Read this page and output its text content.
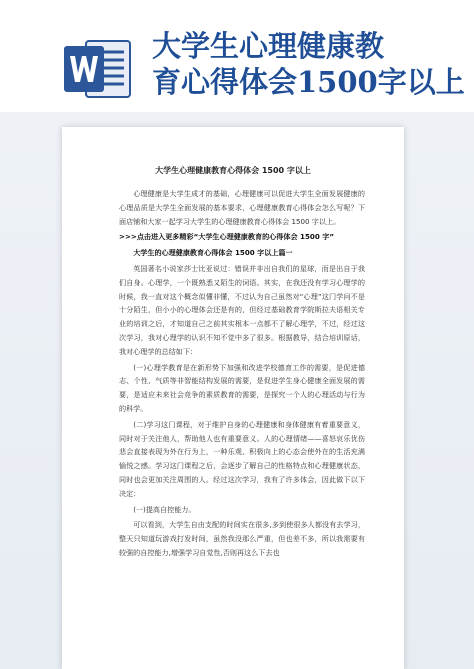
大学生心理健康教
育心得体会1500字以上
大学生心理健康教育心得体会 1500 字以上

心理健康是大学生成才的基础，心理健康可以促进大学生全面发展健康的心理品质是大学生全面发展的基本要求，心理健康教育心得体会怎么写呢？下面店铺和大家一起学习大学生的心理健康教育心得体会 1500 字以上。

>>>点击进入更多精彩“大学生心理健康教育的心得体会 1500 字”

大学生的心理健康教育心得体会 1500 字以上篇一

英国著名小说家莎士比亚说过：错误并非出自我们的星球，而是出自于我们自身。心理学，一个既熟悉又陌生的词语。其实，在我还没有学习心理学的时候，我一直对这个概念似懂非懂，不过认为自己虽然对“心理”这门学问不是十分陌生，但小小的心理体会还是有的，但经过基础教育学院斯拉夫语相关专业的培训之后，才知道自己之前其实根本一点都不了解心理学，不过，经过这次学习，我对心理学的认识不知不觉中多了很多。根据教导，结合培训原话，我对心理学的总结如下：

(一)心理学教育是在新形势下加强和改进学校德育工作的需要，是促进德志、个性、气质等非智能结构发展的需要，是促进学生身心健康全面发展的需要，是适应未来社会竞争的素质教育的需要，是探究一个人的心理活动与行为的科学。

(二)学习这门课程，对于维护自身的心理健康和身体健康有着重要意义，同时对于关注他人，帮助他人也有重要意义。人的心理情绪——喜怒哀乐优伤悲会直接表现为外在行为上，一种乐观、积极向上的心态会使外在的生活充满愉悦之感。学习这门课程之后，会逐步了解自己的性格特点和心理健康状态，同时也会更加关注周围的人。经过这次学习，我有了许多体会，因此做下以下决定：

(一)提高自控能力。

可以看到，大学生自由支配的时间实在很多,多到使很多人都没有去学习，整天只知道玩游戏打发时间，虽然我没那么严重，但也差不多，所以我需要有较强的自控能力,增强学习自觉性,否则再这么下去也
